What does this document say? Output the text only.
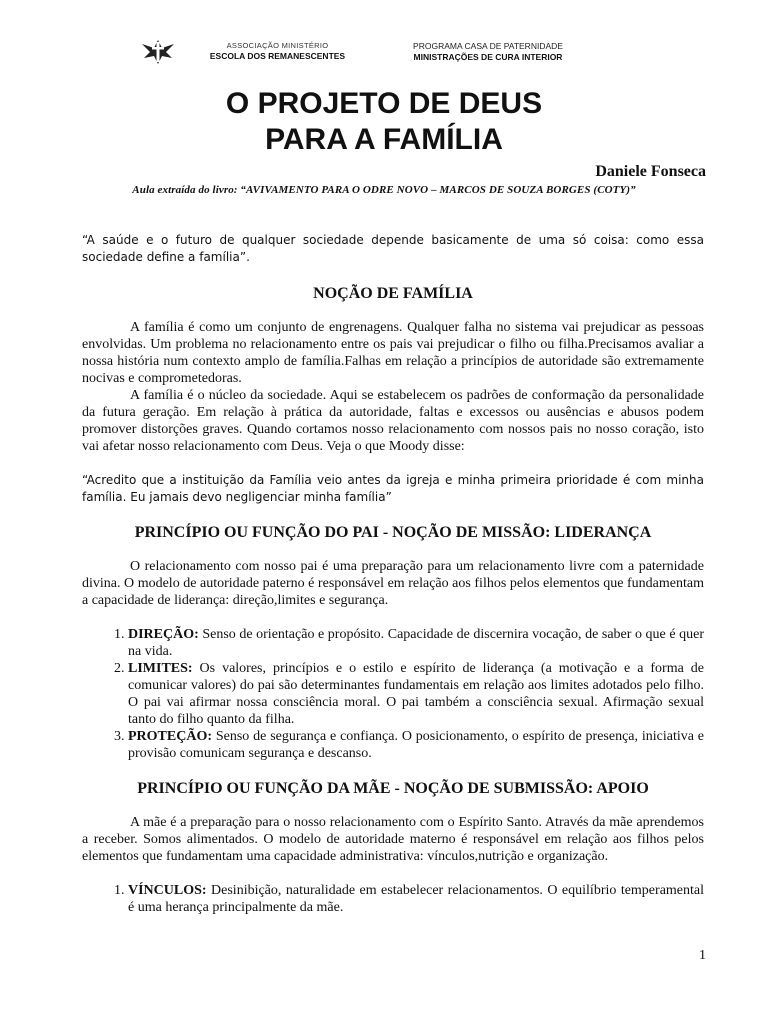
ASSOCIAÇÃO MINISTÉRIO
ESCOLA DOS REMANESCENTES
PROGRAMA CASA DE PATERNIDADE
MINISTRAÇÕES DE CURA INTERIOR
O PROJETO DE DEUS
PARA A FAMÍLIA
Daniele Fonseca
Aula extraída do livro: “AVIVAMENTO PARA O ODRE NOVO – MARCOS DE SOUZA BORGES (COTY)”
“A saúde e o futuro de qualquer sociedade depende basicamente de uma só coisa: como essa sociedade define a família”.
NOÇÃO DE FAMÍLIA

A família é como um conjunto de engrenagens. Qualquer falha no sistema vai prejudicar as pessoas envolvidas. Um problema no relacionamento entre os pais vai prejudicar o filho ou filha.Precisamos avaliar a nossa história num contexto amplo de família.Falhas em relação a princípios de autoridade são extremamente nocivas e comprometedoras.

A família é o núcleo da sociedade. Aqui se estabelecem os padrões de conformação da personalidade da futura geração. Em relação à prática da autoridade, faltas e excessos ou ausências e abusos podem promover distorções graves. Quando cortamos nosso relacionamento com nossos pais no nosso coração, isto vai afetar nosso relacionamento com Deus. Veja o que Moody disse:

“Acredito que a instituição da Família veio antes da igreja e minha primeira prioridade é com minha família. Eu jamais devo negligenciar minha família”
PRINCÍPIO OU FUNÇÃO DO PAI - NOÇÃO DE MISSÃO: LIDERANÇA

O relacionamento com nosso pai é uma preparação para um relacionamento livre com a paternidade divina. O modelo de autoridade paterno é responsável em relação aos filhos pelos elementos que fundamentam a capacidade de liderança: direção,limites e segurança.

1. DIREÇÃO: Senso de orientação e propósito. Capacidade de discernira vocação, de saber o que é quer na vida.
2. LIMITES: Os valores, princípios e o estilo e espírito de liderança (a motivação e a forma de comunicar valores) do pai são determinantes fundamentais em relação aos limites adotados pelo filho. O pai vai afirmar nossa consciência moral. O pai também a consciência sexual. Afirmação sexual tanto do filho quanto da filha.
3. PROTEÇÃO: Senso de segurança e confiança. O posicionamento, o espírito de presença, iniciativa e provisão comunicam segurança e descanso.
PRINCÍPIO OU FUNÇÃO DA MÃE - NOÇÃO DE SUBMISSÃO: APOIO

A mãe é a preparação para o nosso relacionamento com o Espírito Santo. Através da mãe aprendemos a receber. Somos alimentados. O modelo de autoridade materno é responsável em relação aos filhos pelos elementos que fundamentam uma capacidade administrativa: vínculos,nutrição e organização.

1. VÍNCULOS: Desinibição, naturalidade em estabelecer relacionamentos. O equilíbrio temperamental é uma herança principalmente da mãe.
1
